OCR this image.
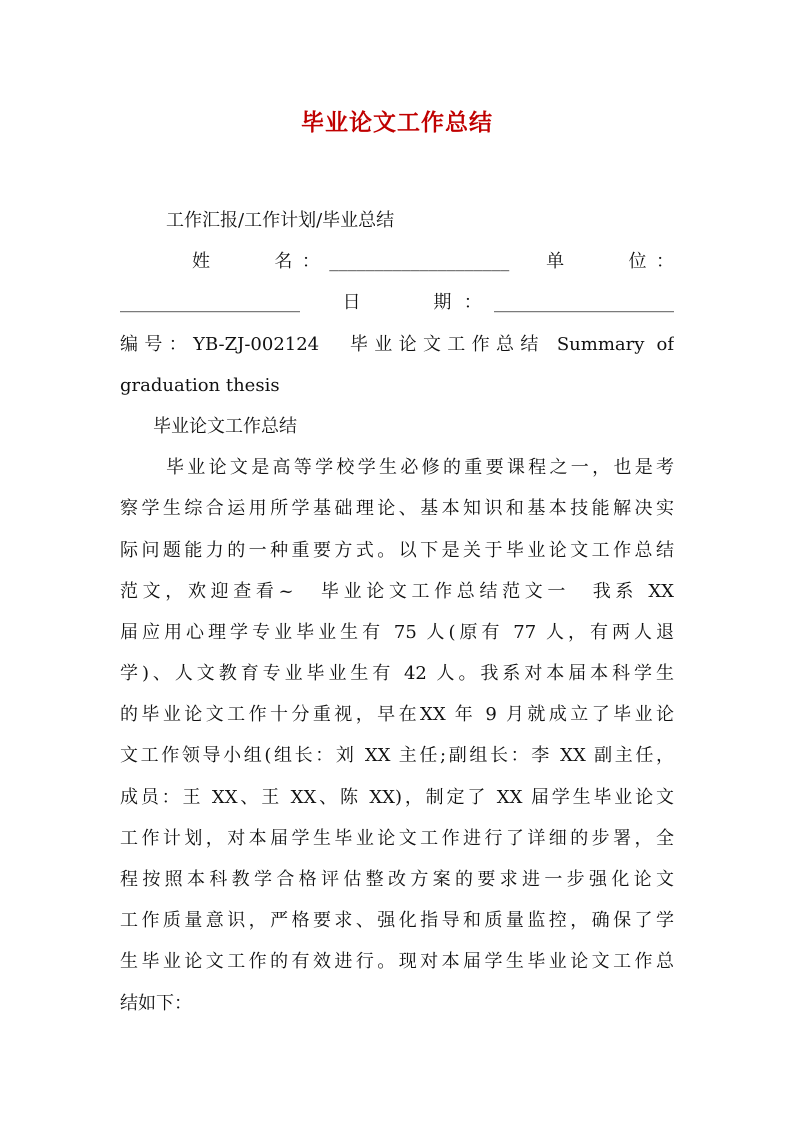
毕业论文工作总结
工作汇报/工作计划/毕业总结
姓　　名：____________________　单　　位：
____________________　日　　期：____________________
编号：YB-ZJ-002124　毕业论文工作总结 Summary of
graduation thesis
毕业论文工作总结
毕业论文是高等学校学生必修的重要课程之一，也是考
察学生综合运用所学基础理论、基本知识和基本技能解决实
际问题能力的一种重要方式。以下是关于毕业论文工作总结
范文，欢迎查看~　毕业论文工作总结范文一　我系 XX
届应用心理学专业毕业生有 75 人(原有 77 人，有两人退
学)、人文教育专业毕业生有 42 人。我系对本届本科学生
的毕业论文工作十分重视，早在XX 年 9 月就成立了毕业论
文工作领导小组(组长：刘 XX 主任;副组长：李 XX 副主任，
成员：王 XX、王 XX、陈 XX)，制定了 XX 届学生毕业论文
工作计划，对本届学生毕业论文工作进行了详细的步署，全
程按照本科教学合格评估整改方案的要求进一步强化论文
工作质量意识，严格要求、强化指导和质量监控，确保了学
生毕业论文工作的有效进行。现对本届学生毕业论文工作总
结如下：
